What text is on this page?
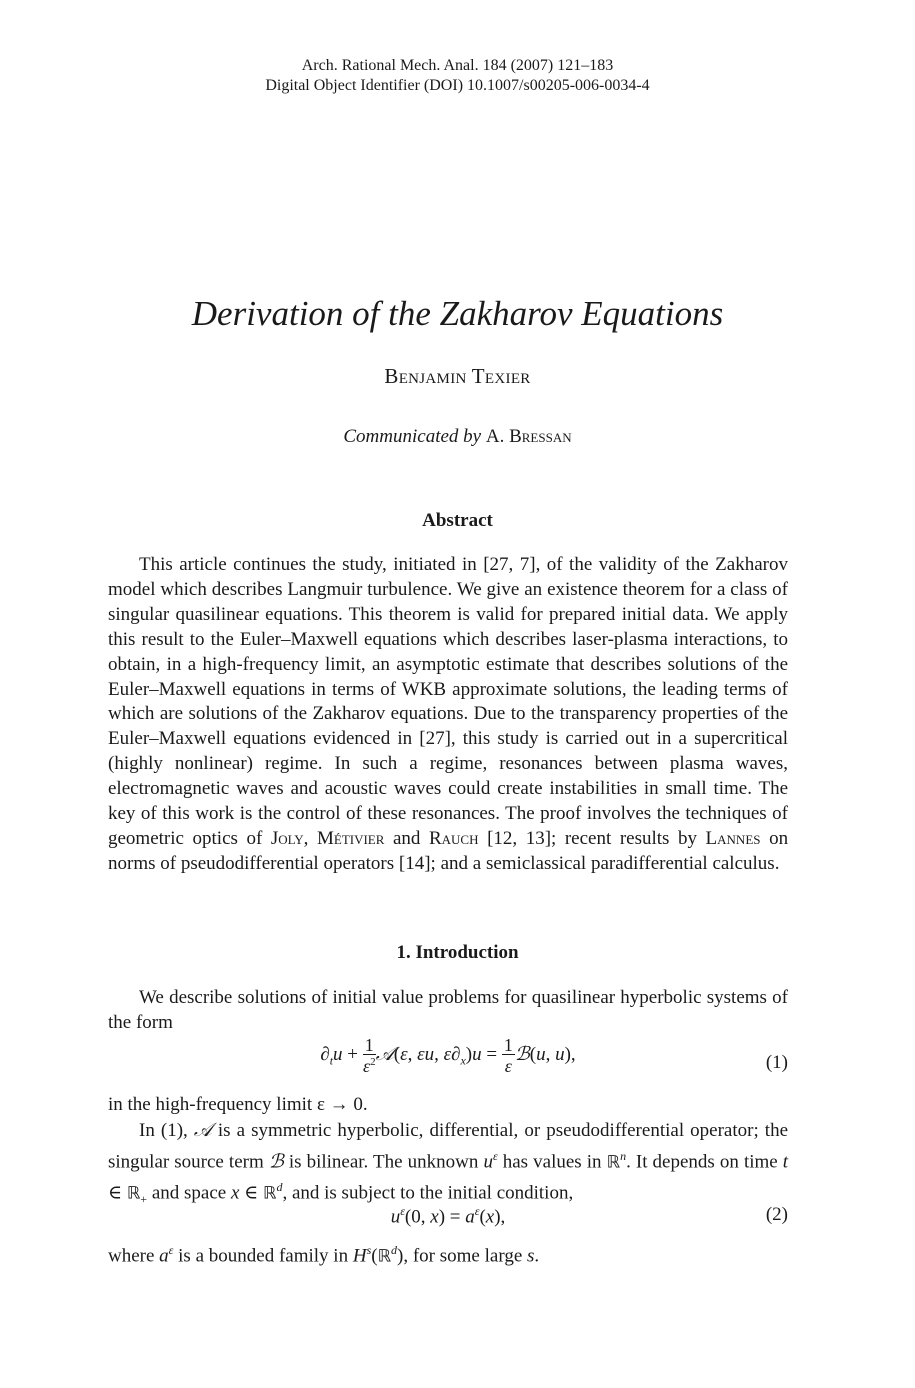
Arch. Rational Mech. Anal. 184 (2007) 121–183
Digital Object Identifier (DOI) 10.1007/s00205-006-0034-4
Derivation of the Zakharov Equations
Benjamin Texier
Communicated by A. Bressan
Abstract
This article continues the study, initiated in [27, 7], of the validity of the Zakharov model which describes Langmuir turbulence. We give an existence theorem for a class of singular quasilinear equations. This theorem is valid for prepared initial data. We apply this result to the Euler–Maxwell equations which describes laser-plasma interactions, to obtain, in a high-frequency limit, an asymptotic estimate that describes solutions of the Euler–Maxwell equations in terms of WKB approximate solutions, the leading terms of which are solutions of the Zakharov equations. Due to the transparency properties of the Euler–Maxwell equations evidenced in [27], this study is carried out in a supercritical (highly nonlinear) regime. In such a regime, resonances between plasma waves, electromagnetic waves and acoustic waves could create instabilities in small time. The key of this work is the control of these resonances. The proof involves the techniques of geometric optics of Joly, Métivier and Rauch [12, 13]; recent results by Lannes on norms of pseudodifferential operators [14]; and a semiclassical paradifferential calculus.
1. Introduction
We describe solutions of initial value problems for quasilinear hyperbolic systems of the form
$\partial_tu + \frac{1}{\varepsilon^2}$ 𝒜(ε, εu, $\varepsilon\partial_x)u = \frac{1}{\varepsilon}$ ℬ(u, u),	(1)
in the high-frequency limit ε → 0.
In (1), 𝒜 is a symmetric hyperbolic, differential, or pseudodifferential operator; the singular source term ℬ is bilinear. The unknown $u^\varepsilon$ has values in ℝ$^n$. It depends on time t ∈ ℝ$_+$ and space x ∈ ℝ$^d$, and is subject to the initial condition,
$u^\varepsilon(0$, $x) = a^\varepsilon(x)$,	(2)
where $a^\varepsilon$ is a bounded family in $H^s(ℝ^d)$, for some large s.
